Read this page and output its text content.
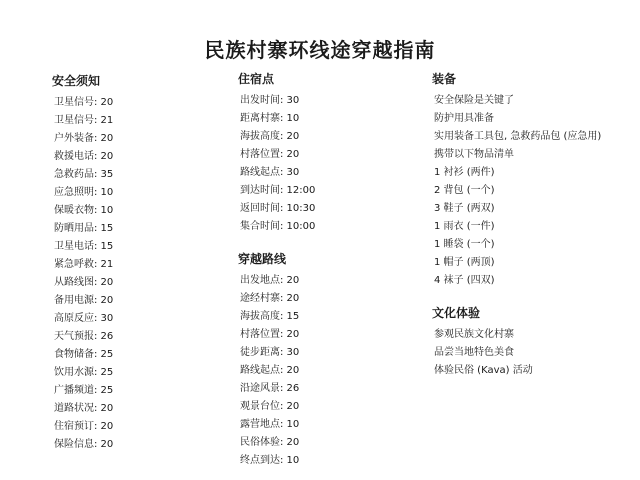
民族村寨环线途穿越指南
安全须知
卫星信号: 20
卫星信号: 21
户外装备: 20
救援电话: 20
急救药品: 35
应急照明: 10
保暖衣物: 10
防晒用品: 15
卫星电话: 15
紧急呼救: 21
从路线图: 20
备用电源: 20
高原反应: 30
天气预报: 26
食物储备: 25
饮用水源: 25
广播频道: 25
道路状况: 20
住宿预订: 20
保险信息: 20
住宿点
出发时间: 30
距离村寨: 10
海拔高度: 20
村落位置: 20
路线起点: 30
到达时间: 12:00
返回时间: 10:30
集合时间: 10:00
穿越路线
出发地点: 20
途经村寨: 20
海拔高度: 15
村落位置: 20
徒步距离: 30
路线起点: 20
沿途风景: 26
观景台位: 20
露营地点: 10
民俗体验: 20
终点到达: 10
装备
安全保险是关键了
防护用具准备
实用装备工具包, 急救药品包 (应急用)
携带以下物品清单
1 衬衫 (两件)
2 背包 (一个)
3 鞋子 (两双)
1 雨衣 (一件)
1 睡袋 (一个)
1 帽子 (两顶)
4 袜子 (四双)
文化体验
参观民族文化村寨
品尝当地特色美食
体验民俗 (Kava) 活动
